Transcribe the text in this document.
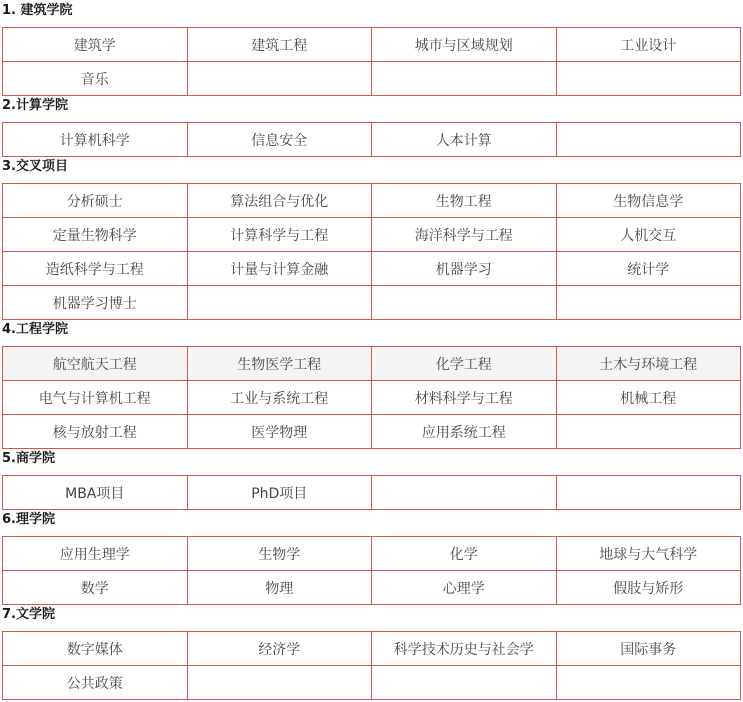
1. 建筑学院
建筑学	建筑工程	城市与区域规划	工业设计
音乐			
2.计算学院
计算机科学	信息安全	人本计算	
3.交叉项目
分析硕士	算法组合与优化	生物工程	生物信息学
定量生物科学	计算科学与工程	海洋科学与工程	人机交互
造纸科学与工程	计量与计算金融	机器学习	统计学
机器学习博士			
4.工程学院
航空航天工程	生物医学工程	化学工程	土木与环境工程
电气与计算机工程	工业与系统工程	材料科学与工程	机械工程
核与放射工程	医学物理	应用系统工程	
5.商学院
MBA项目	PhD项目		
6.理学院
应用生理学	生物学	化学	地球与大气科学
数学	物理	心理学	假肢与矫形
7.文学院
数字媒体	经济学	科学技术历史与社会学	国际事务
公共政策			
